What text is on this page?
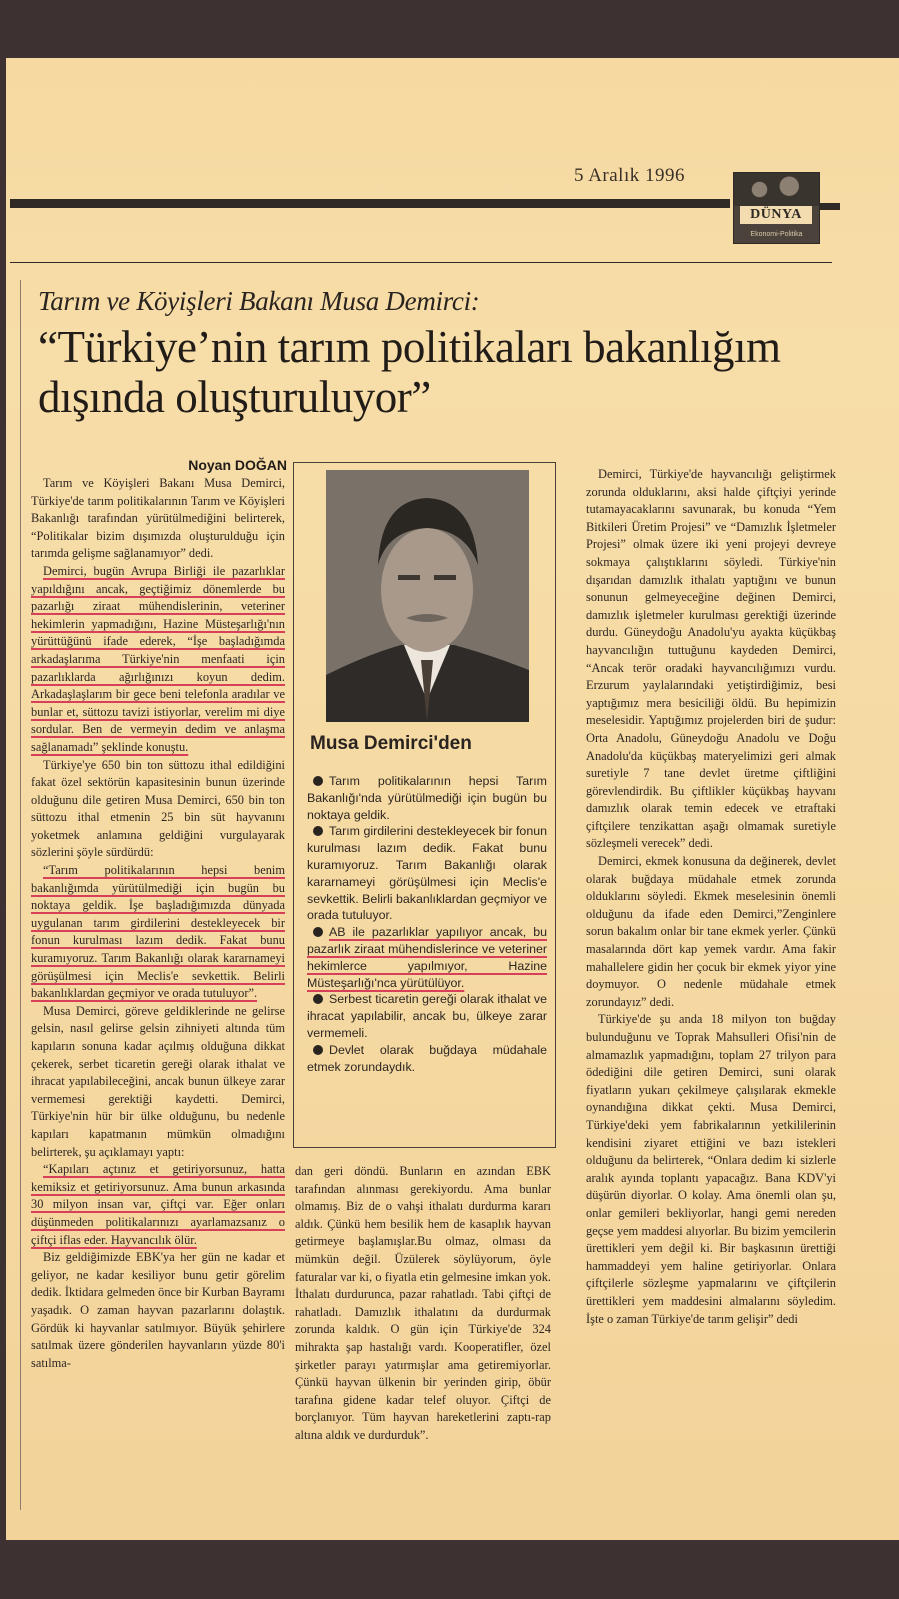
5 Aralık 1996
DÜNYA
Ekonomi-Politika
Tarım ve Köyişleri Bakanı Musa Demirci:
“Türkiye’nin tarım politikaları bakanlığım dışında oluşturuluyor”
Noyan DOĞAN

Tarım ve Köyişleri Bakanı Musa Demirci, Türkiye'de tarım politikalarının Tarım ve Köyişleri Bakanlığı tarafından yürütülmediğini belirterek, “Politikalar bizim dışımızda oluşturulduğu için tarımda gelişme sağlanamıyor” dedi.

Demirci, bugün Avrupa Birliği ile pazarlıklar yapıldığını ancak, geçtiğimiz dönemlerde bu pazarlığı ziraat mühendislerinin, veteriner hekimlerin yapmadığını, Hazine Müsteşarlığı'nın yürüttüğünü ifade ederek, “İşe başladığımda arkadaşlarıma Türkiye'nin menfaati için pazarlıklarda ağırlığınızı koyun dedim. Arkadaşlaşlarım bir gece beni telefonla aradılar ve bunlar et, süttozu tavizi istiyorlar, verelim mi diye sordular. Ben de vermeyin dedim ve anlaşma sağlanamadı” şeklinde konuştu.

Türkiye'ye 650 bin ton süttozu ithal edildiğini fakat özel sektörün kapasitesinin bunun üzerinde olduğunu dile getiren Musa Demirci, 650 bin ton süttozu ithal etmenin 25 bin süt hayvanını yoketmek anlamına geldiğini vurgulayarak sözlerini şöyle sürdürdü:

“Tarım politikalarının hepsi benim bakanlığımda yürütülmediği için bugün bu noktaya geldik. İşe başladığımızda dünyada uygulanan tarım girdilerini destekleyecek bir fonun kurulması lazım dedik. Fakat bunu kuramıyoruz. Tarım Bakanlığı olarak kararnameyi görüşülmesi için Meclis'e sevkettik. Belirli bakanlıklardan geçmiyor ve orada tutuluyor”.

Musa Demirci, göreve geldiklerinde ne gelirse gelsin, nasıl gelirse gelsin zihniyeti altında tüm kapıların sonuna kadar açılmış olduğuna dikkat çekerek, serbet ticaretin gereği olarak ithalat ve ihracat yapılabileceğini, ancak bunun ülkeye zarar vermemesi gerektiği kaydetti. Demirci, Türkiye'nin hür bir ülke olduğunu, bu nedenle kapıları kapatmanın mümkün olmadığını belirterek, şu açıklamayı yaptı:

“Kapıları açtınız et getiriyorsunuz, hatta kemiksiz et getiriyorsunuz. Ama bunun arkasında 30 milyon insan var, çiftçi var. Eğer onları düşünmeden politikalarınızı ayarlamazsanız o çiftçi iflas eder. Hayvancılık ölür.

Biz geldiğimizde EBK'ya her gün ne kadar et geliyor, ne kadar kesiliyor bunu getir görelim dedik. İktidara gelmeden önce bir Kurban Bayramı yaşadık. O zaman hayvan pazarlarını dolaştık. Gördük ki hayvanlar satılmıyor. Büyük şehirlere satılmak üzere gönderilen hayvanların yüzde 80'i satılma-

Musa Demirci'den

Tarım politikalarının hepsi Tarım Bakanlığı'nda yürütülmediği için bugün bu noktaya geldik.

Tarım girdilerini destekleyecek bir fonun kurulması lazım dedik. Fakat bunu kuramıyoruz. Tarım Bakanlığı olarak kararnameyi görüşülmesi için Meclis'e sevkettik. Belirli bakanlıklardan geçmiyor ve orada tutuluyor.

AB ile pazarlıklar yapılıyor ancak, bu pazarlık ziraat mühendislerince ve veteriner hekimlerce yapılmıyor, Hazine Müsteşarlığı'nca yürütülüyor.

Serbest ticaretin gereği olarak ithalat ve ihracat yapılabilir, ancak bu, ülkeye zarar vermemeli.

Devlet olarak buğdaya müdahale etmek zorundaydık.

dan geri döndü. Bunların en azından EBK tarafından alınması gerekiyordu. Ama bunlar olmamış. Biz de o vahşi ithalatı durdurma kararı aldık. Çünkü hem besilik hem de kasaplık hayvan getirmeye başlamışlar.Bu olmaz, olması da mümkün değil. Üzülerek söylüyorum, öyle faturalar var ki, o fiyatla etin gelmesine imkan yok. İthalatı durdurunca, pazar rahatladı. Tabi çiftçi de rahatladı. Damızlık ithalatını da durdurmak zorunda kaldık. O gün için Türkiye'de 324 mihrakta şap hastalığı vardı. Kooperatifler, özel şirketler parayı yatırmışlar ama getiremiyorlar. Çünkü hayvan ülkenin bir yerinden girip, öbür tarafına gidene kadar telef oluyor. Çiftçi de borçlanıyor. Tüm hayvan hareketlerini zaptı-rap altına aldık ve durdurduk”.

Demirci, Türkiye'de hayvancılığı geliştirmek zorunda olduklarını, aksi halde çiftçiyi yerinde tutamayacaklarını savunarak, bu konuda “Yem Bitkileri Üretim Projesi” ve “Damızlık İşletmeler Projesi” olmak üzere iki yeni projeyi devreye sokmaya çalıştıklarını söyledi. Türkiye'nin dışarıdan damızlık ithalatı yaptığını ve bunun sonunun gelmeyeceğine değinen Demirci, damızlık işletmeler kurulması gerektiği üzerinde durdu. Güneydoğu Anadolu'yu ayakta küçükbaş hayvancılığın tuttuğunu kaydeden Demirci, “Ancak terör oradaki hayvancılığımızı vurdu. Erzurum yaylalarındaki yetiştirdiğimiz, besi yaptığımız mera besiciliği öldü. Bu hepimizin meselesidir. Yaptığımız projelerden biri de şudur: Orta Anadolu, Güneydoğu Anadolu ve Doğu Anadolu'da küçükbaş materyelimizi geri almak suretiyle 7 tane devlet üretme çiftliğini görevlendirdik. Bu çiftlikler küçükbaş hayvanı damızlık olarak temin edecek ve etraftaki çiftçilere tenzikattan aşağı olmamak suretiyle sözleşmeli verecek” dedi.

Demirci, ekmek konusuna da değinerek, devlet olarak buğdaya müdahale etmek zorunda olduklarını söyledi. Ekmek meselesinin önemli olduğunu da ifade eden Demirci,”Zenginlere sorun bakalım onlar bir tane ekmek yerler. Çünkü masalarında dört kap yemek vardır. Ama fakir mahallelere gidin her çocuk bir ekmek yiyor yine doymuyor. O nedenle müdahale etmek zorundayız” dedi.

Türkiye'de şu anda 18 milyon ton buğday bulunduğunu ve Toprak Mahsulleri Ofisi'nin de almamazlık yapmadığını, toplam 27 trilyon para ödediğini dile getiren Demirci, suni olarak fiyatların yukarı çekilmeye çalışılarak ekmekle oynandığına dikkat çekti. Musa Demirci, Türkiye'deki yem fabrikalarının yetkililerinin kendisini ziyaret ettiğini ve bazı istekleri olduğunu da belirterek, “Onlara dedim ki sizlerle aralık ayında toplantı yapacağız. Bana KDV'yi düşürün diyorlar. O kolay. Ama önemli olan şu, onlar gemileri bekliyorlar, hangi gemi nereden geçse yem maddesi alıyorlar. Bu bizim yemcilerin ürettikleri yem değil ki. Bir başkasının ürettiği hammaddeyi yem haline getiriyorlar. Onlara çiftçilerle sözleşme yapmalarını ve çiftçilerin ürettikleri yem maddesini almalarını söyledim. İşte o zaman Türkiye'de tarım gelişir” dedi
